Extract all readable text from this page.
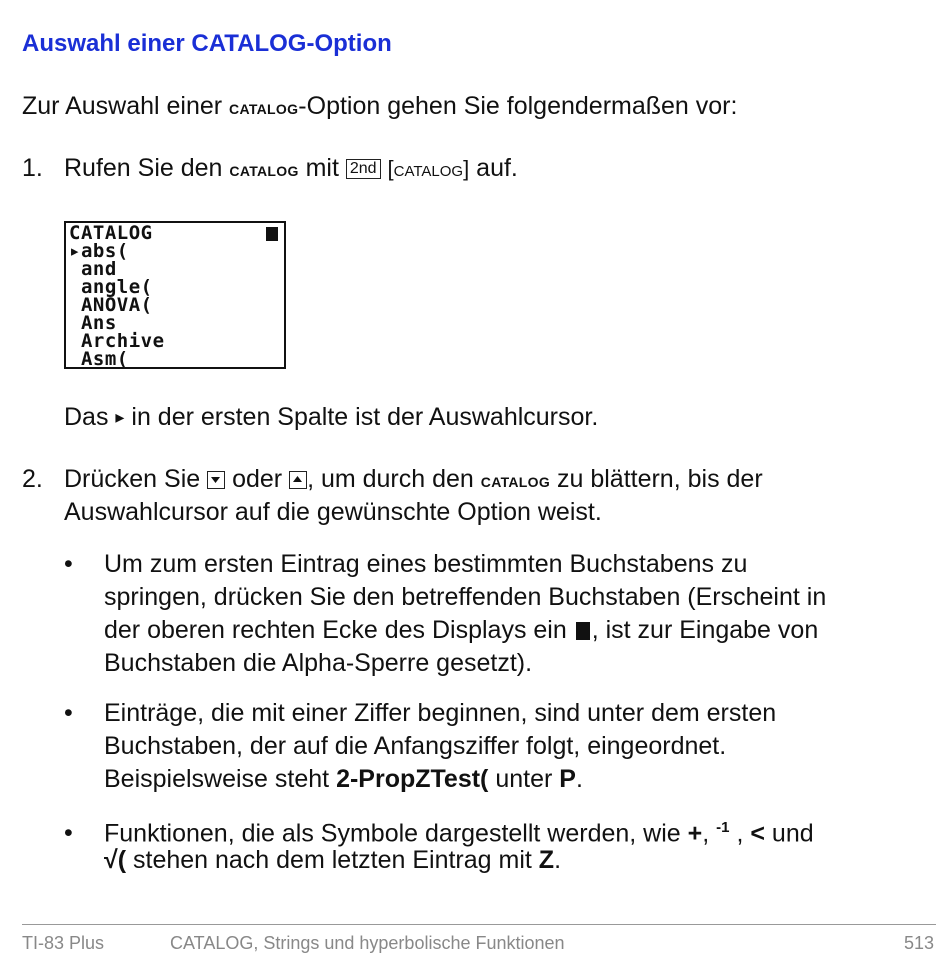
Auswahl einer CATALOG-Option
Zur Auswahl einer catalog-Option gehen Sie folgendermaßen vor:
1. Rufen Sie den catalog mit 2nd [catalog] auf.
CATALOG
▸abs(
and
angle(
ANOVA(
Ans
Archive
Asm(
Das ▸ in der ersten Spalte ist der Auswahlcursor.
2. Drücken Sie
oder
, um durch den catalog zu blättern, bis der
Auswahlcursor auf die gewünschte Option weist.
• Um zum ersten Eintrag eines bestimmten Buchstabens zu
springen, drücken Sie den betreffenden Buchstaben (Erscheint in
der oberen rechten Ecke des Displays ein , ist zur Eingabe von
Buchstaben die Alpha-Sperre gesetzt).
• Einträge, die mit einer Ziffer beginnen, sind unter dem ersten
Buchstaben, der auf die Anfangsziffer folgt, eingeordnet.
Beispielsweise steht 2-PropZTest( unter P.
• Funktionen, die als Symbole dargestellt werden, wie +, $^{-1}$ , < und
√( stehen nach dem letzten Eintrag mit Z.
TI-83 Plus	CATALOG, Strings und hyperbolische Funktionen	513
